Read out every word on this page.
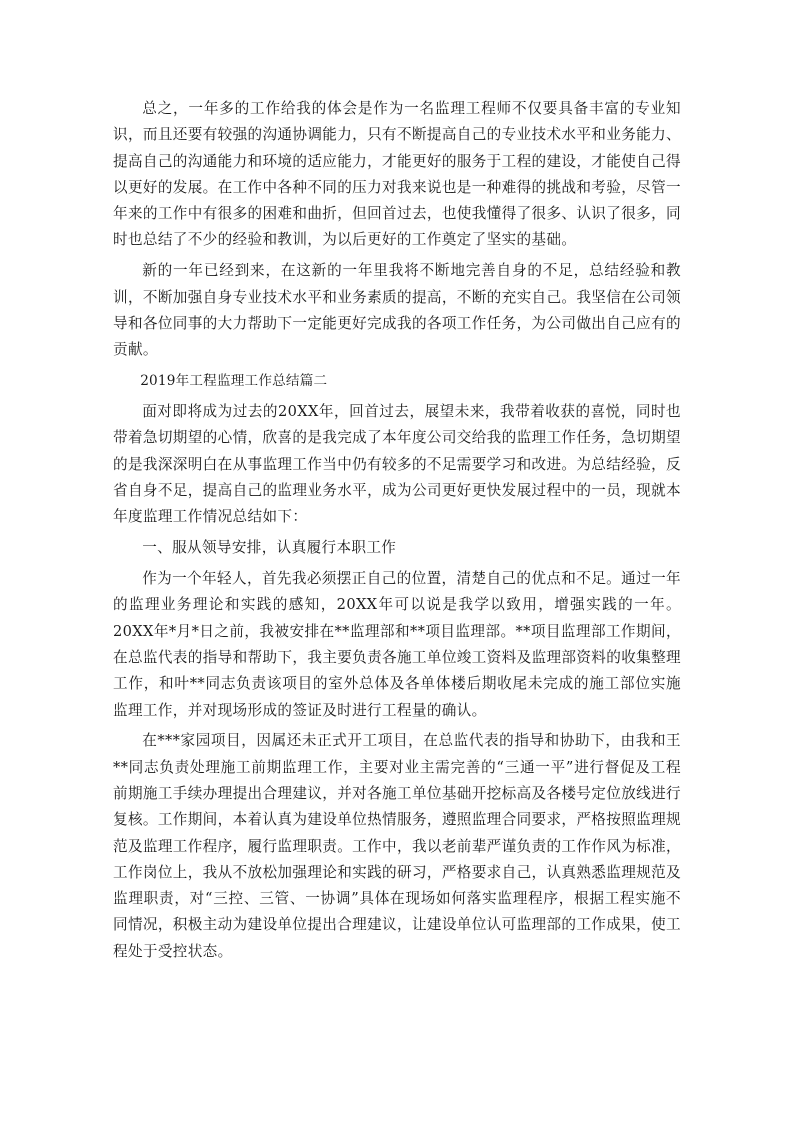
总之，一年多的工作给我的体会是作为一名监理工程师不仅要具备丰富的专业知识，而且还要有较强的沟通协调能力，只有不断提高自己的专业技术水平和业务能力、提高自己的沟通能力和环境的适应能力，才能更好的服务于工程的建设，才能使自己得以更好的发展。在工作中各种不同的压力对我来说也是一种难得的挑战和考验，尽管一年来的工作中有很多的困难和曲折，但回首过去，也使我懂得了很多、认识了很多，同时也总结了不少的经验和教训，为以后更好的工作奠定了坚实的基础。

新的一年已经到来，在这新的一年里我将不断地完善自身的不足，总结经验和教训，不断加强自身专业技术水平和业务素质的提高，不断的充实自己。我坚信在公司领导和各位同事的大力帮助下一定能更好完成我的各项工作任务，为公司做出自己应有的贡献。

2019年工程监理工作总结篇二

面对即将成为过去的20XX年，回首过去，展望未来，我带着收获的喜悦，同时也带着急切期望的心情，欣喜的是我完成了本年度公司交给我的监理工作任务，急切期望的是我深深明白在从事监理工作当中仍有较多的不足需要学习和改进。为总结经验，反省自身不足，提高自己的监理业务水平，成为公司更好更快发展过程中的一员，现就本年度监理工作情况总结如下：

一、服从领导安排，认真履行本职工作

作为一个年轻人，首先我必须摆正自己的位置，清楚自己的优点和不足。通过一年的监理业务理论和实践的感知，20XX年可以说是我学以致用，增强实践的一年。20XX年*月*日之前，我被安排在**监理部和**项目监理部。**项目监理部工作期间，在总监代表的指导和帮助下，我主要负责各施工单位竣工资料及监理部资料的收集整理工作，和叶**同志负责该项目的室外总体及各单体楼后期收尾未完成的施工部位实施监理工作，并对现场形成的签证及时进行工程量的确认。

在***家园项目，因属还未正式开工项目，在总监代表的指导和协助下，由我和王**同志负责处理施工前期监理工作，主要对业主需完善的“三通一平”进行督促及工程前期施工手续办理提出合理建议，并对各施工单位基础开挖标高及各楼号定位放线进行复核。工作期间，本着认真为建设单位热情服务，遵照监理合同要求，严格按照监理规范及监理工作程序，履行监理职责。工作中，我以老前辈严谨负责的工作作风为标准，工作岗位上，我从不放松加强理论和实践的研习，严格要求自己，认真熟悉监理规范及监理职责，对“三控、三管、一协调”具体在现场如何落实监理程序，根据工程实施不同情况，积极主动为建设单位提出合理建议，让建设单位认可监理部的工作成果，使工程处于受控状态。
